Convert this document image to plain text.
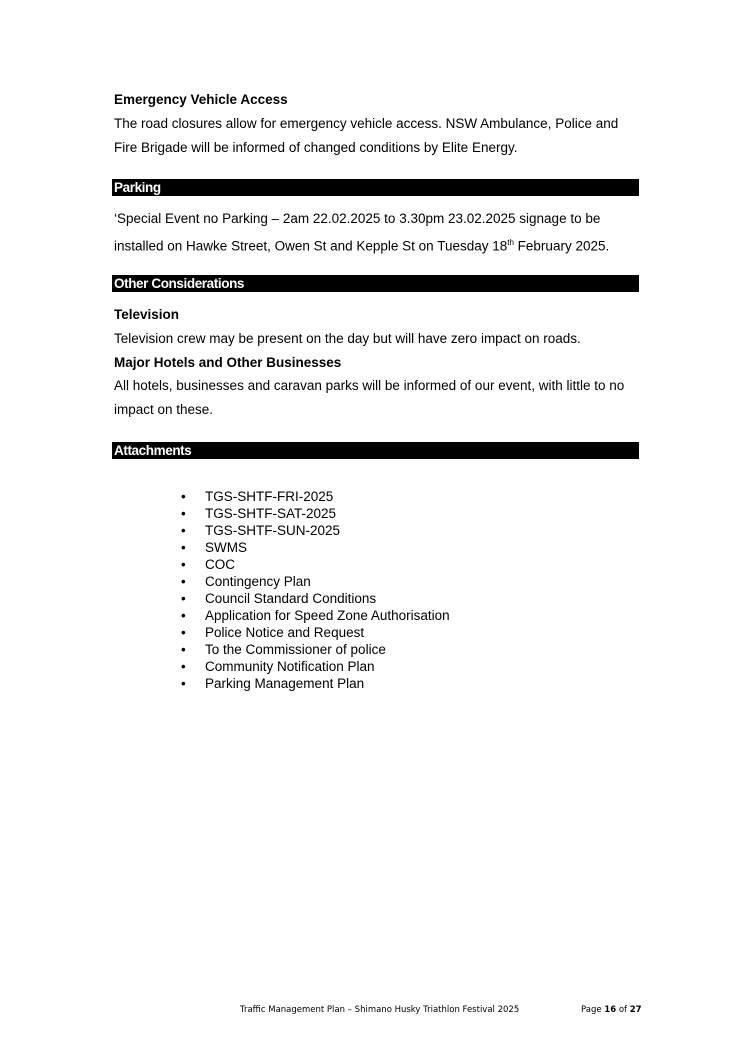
Emergency Vehicle Access
The road closures allow for emergency vehicle access. NSW Ambulance, Police and Fire Brigade will be informed of changed conditions by Elite Energy.
Parking
‘Special Event no Parking – 2am 22.02.2025 to 3.30pm 23.02.2025 signage to be installed on Hawke Street, Owen St and Kepple St on Tuesday 18th February 2025.
Other Considerations
Television
Television crew may be present on the day but will have zero impact on roads.
Major Hotels and Other Businesses
All hotels, businesses and caravan parks will be informed of our event, with little to no impact on these.
Attachments
• TGS-SHTF-FRI-2025
• TGS-SHTF-SAT-2025
• TGS-SHTF-SUN-2025
• SWMS
• COC
• Contingency Plan
• Council Standard Conditions
• Application for Speed Zone Authorisation
• Police Notice and Request
• To the Commissioner of police
• Community Notification Plan
• Parking Management Plan
Traffic Management Plan – Shimano Husky Triathlon Festival 2025	Page 16 of 27
